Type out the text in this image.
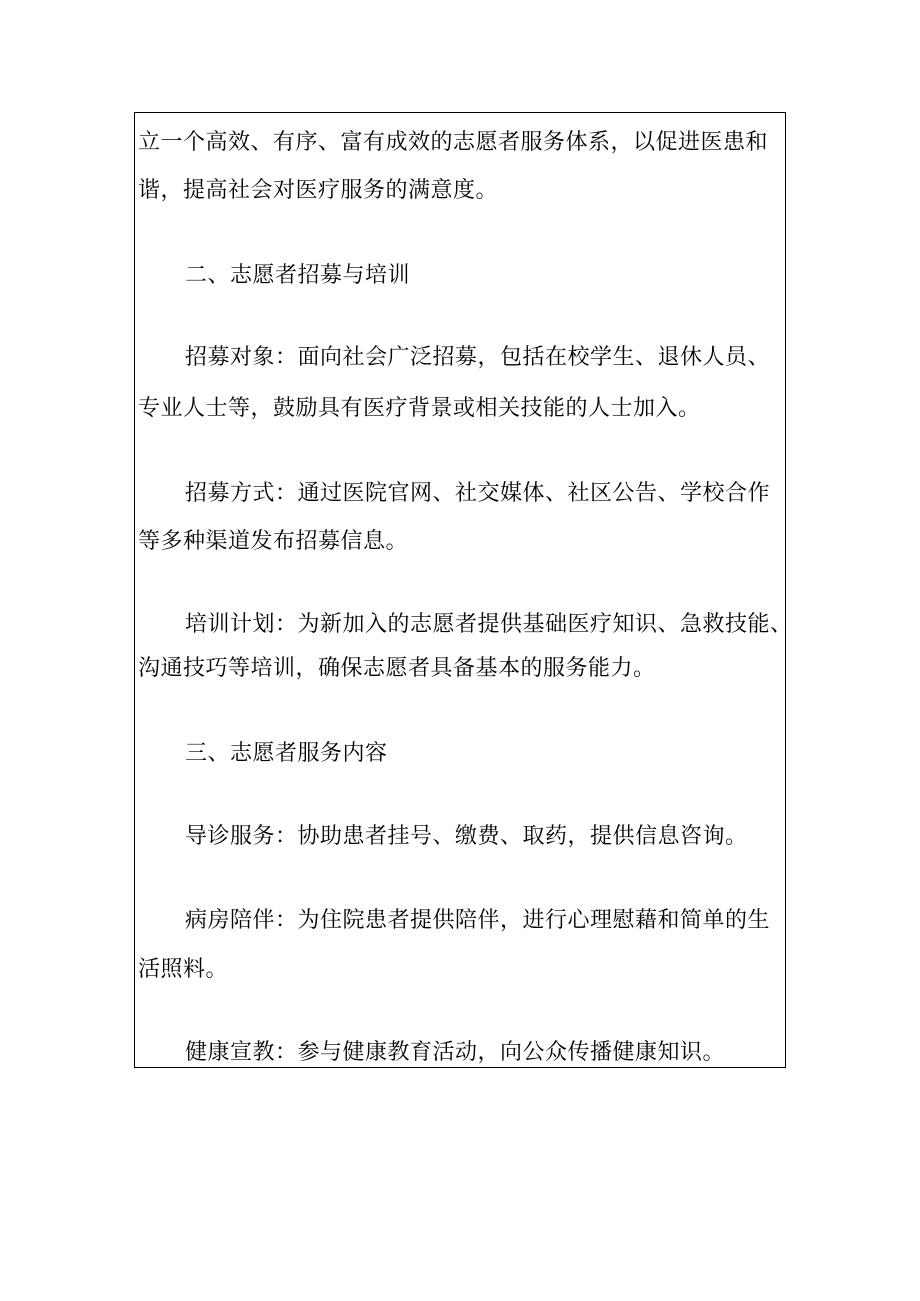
立一个高效、有序、富有成效的志愿者服务体系，以促进医患和
谐，提高社会对医疗服务的满意度。
二、志愿者招募与培训
招募对象：面向社会广泛招募，包括在校学生、退休人员、
专业人士等，鼓励具有医疗背景或相关技能的人士加入。
招募方式：通过医院官网、社交媒体、社区公告、学校合作
等多种渠道发布招募信息。
培训计划：为新加入的志愿者提供基础医疗知识、急救技能、
沟通技巧等培训，确保志愿者具备基本的服务能力。
三、志愿者服务内容
导诊服务：协助患者挂号、缴费、取药，提供信息咨询。
病房陪伴：为住院患者提供陪伴，进行心理慰藉和简单的生
活照料。
健康宣教：参与健康教育活动，向公众传播健康知识。
